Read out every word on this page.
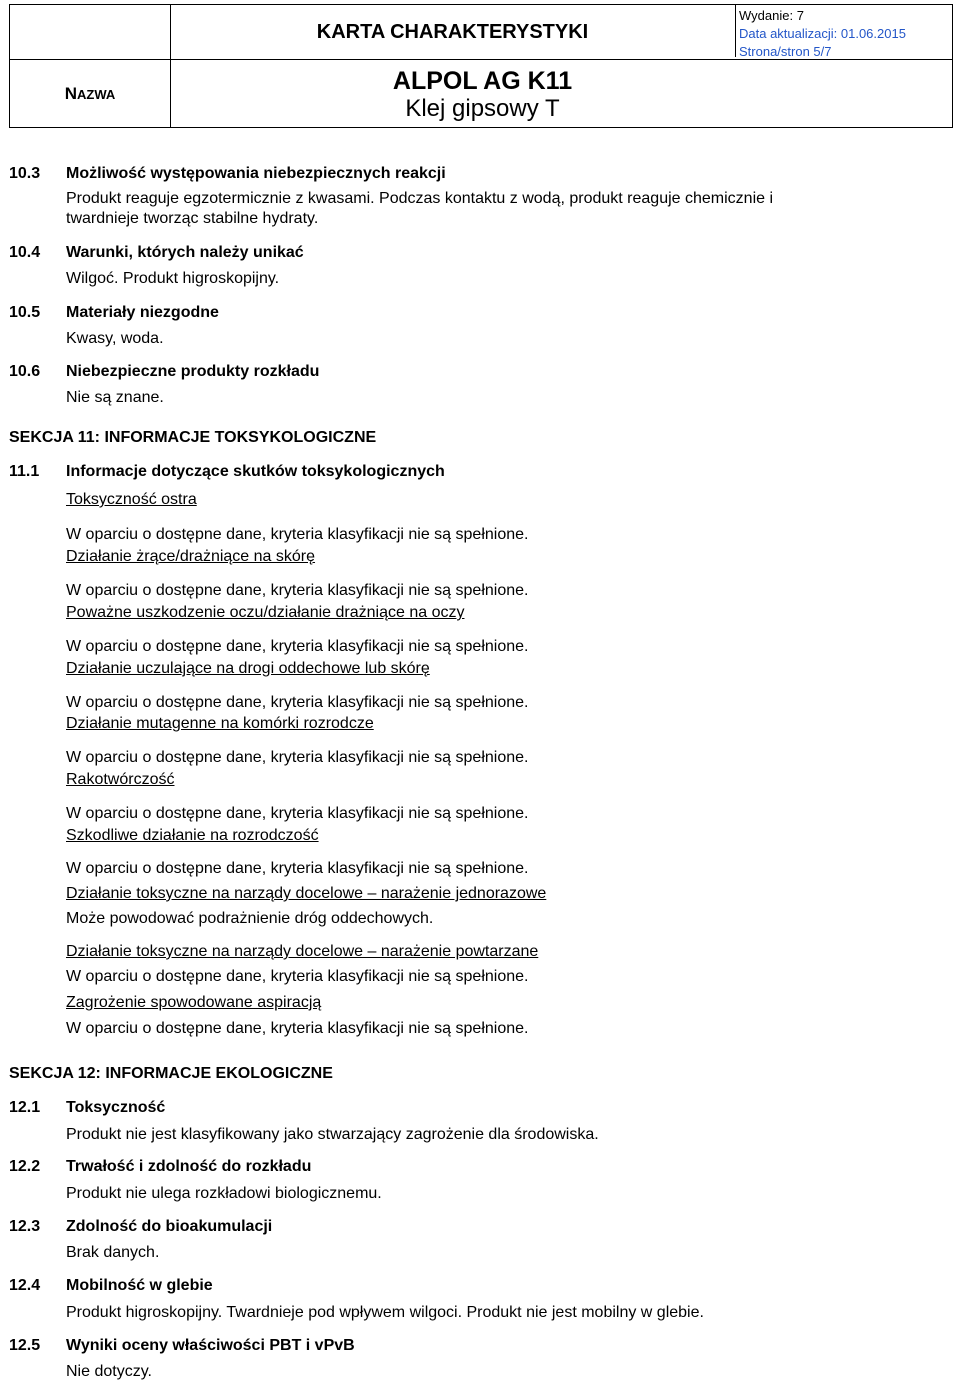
KARTA CHARAKTERYSTYKI
Wydanie: 7
Data aktualizacji: 01.06.2015
Strona/stron 5/7
N AZWA	ALPOL AG K11
Klej gipsowy T
10.3 Możliwość występowania niebezpiecznych reakcji
Produkt reaguje egzotermicznie z kwasami. Podczas kontaktu z wodą, produkt reaguje chemicznie i
twardnieje tworząc stabilne hydraty.
10.4 Warunki, których należy unikać
Wilgoć. Produkt higroskopijny.
10.5 Materiały niezgodne
Kwasy, woda.
10.6 Niebezpieczne produkty rozkładu
Nie są znane.
SEKCJA 11: INFORMACJE TOKSYKOLOGICZNE
11.1 Informacje dotyczące skutków toksykologicznych
Toksyczność ostra
W oparciu o dostępne dane, kryteria klasyfikacji nie są spełnione.
Działanie żrące/drażniące na skórę
W oparciu o dostępne dane, kryteria klasyfikacji nie są spełnione.
Poważne uszkodzenie oczu/działanie drażniące na oczy
W oparciu o dostępne dane, kryteria klasyfikacji nie są spełnione.
Działanie uczulające na drogi oddechowe lub skórę
W oparciu o dostępne dane, kryteria klasyfikacji nie są spełnione.
Działanie mutagenne na komórki rozrodcze
W oparciu o dostępne dane, kryteria klasyfikacji nie są spełnione.
Rakotwórczość
W oparciu o dostępne dane, kryteria klasyfikacji nie są spełnione.
Szkodliwe działanie na rozrodczość
W oparciu o dostępne dane, kryteria klasyfikacji nie są spełnione.
Działanie toksyczne na narządy docelowe – narażenie jednorazowe
Może powodować podrażnienie dróg oddechowych.
Działanie toksyczne na narządy docelowe – narażenie powtarzane
W oparciu o dostępne dane, kryteria klasyfikacji nie są spełnione.
Zagrożenie spowodowane aspiracją
W oparciu o dostępne dane, kryteria klasyfikacji nie są spełnione.
SEKCJA 12: INFORMACJE EKOLOGICZNE
12.1 Toksyczność
Produkt nie jest klasyfikowany jako stwarzający zagrożenie dla środowiska.
12.2 Trwałość i zdolność do rozkładu
Produkt nie ulega rozkładowi biologicznemu.
12.3 Zdolność do bioakumulacji
Brak danych.
12.4 Mobilność w glebie
Produkt higroskopijny. Twardnieje pod wpływem wilgoci. Produkt nie jest mobilny w glebie.
12.5 Wyniki oceny właściwości PBT i vPvB
Nie dotyczy.
